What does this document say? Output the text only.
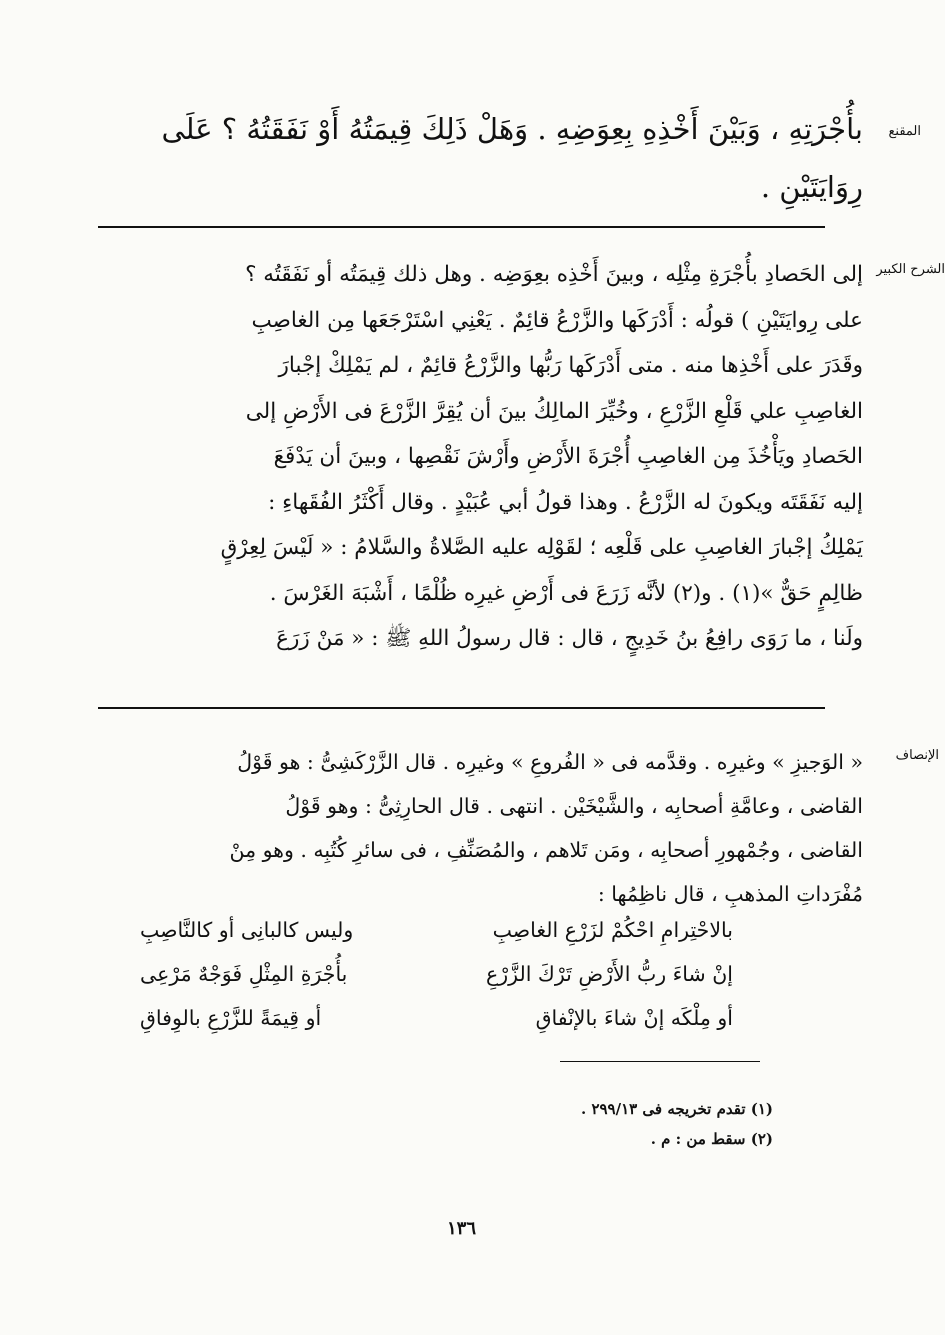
المقنع
بأُجْرَتِهِ ، وَبَيْنَ أَخْذِهِ بِعِوَضِهِ . وَهَلْ ذَلِكَ قِيمَتُهُ أَوْ نَفَقَتُهُ ؟ عَلَى
رِوَايَتَيْنِ .
الشرح الكبير
إلى الحَصادِ بأُجْرَةِ مِثْلِه ، وبينَ أَخْذِه بعِوَضِه . وهل ذلك قِيمَتُه أو نَفَقَتُه ؟
على رِوايَتَيْنِ ) قولُه : أَدْرَكَها والزَّرْعُ قائِمٌ . يَعْنِي اسْتَرْجَعَها مِن الغاصِبِ
وقَدَرَ على أَخْذِها منه . متى أَدْرَكَها رَبُّها والزَّرْعُ قائِمٌ ، لم يَمْلِكْ إجْبارَ
الغاصِبِ علي قَلْعِ الزَّرْعِ ، وخُيِّرَ المالِكُ بينَ أن يُقِرَّ الزَّرْعَ فى الأَرْضِ إلى
الحَصادِ ويَأْخُذَ مِن الغاصِبِ أُجْرَةَ الأَرْضِ وأَرْشَ نَقْصِها ، وبينَ أن يَدْفَعَ
إليه نَفَقَتَه ويكونَ له الزَّرْعُ . وهذا قولُ أبي عُبَيْدٍ . وقال أَكْثَرُ الفُقَهاءِ :
يَمْلِكُ إجْبارَ الغاصِبِ على قَلْعِه ؛ لقَوْلِه عليه الصَّلاةُ والسَّلامُ : « لَيْسَ لِعِرْقٍ
ظالِمٍ حَقٌّ »(١) . و(٢) لأنَّه زَرَعَ فى أَرْضِ غيرِه ظُلْمًا ، أَشْبَهَ الغَرْسَ .
ولَنا ، ما رَوَى رافِعُ بنُ خَدِيجٍ ، قال : قال رسولُ اللهِ ﷺ : « مَنْ زَرَعَ
الإنصاف
« الوَجيزِ » وغيرِه . وقدَّمه فى « الفُروعِ » وغيرِه . قال الزَّرْكَشِىُّ : هو قَوْلُ
القاضى ، وعامَّةِ أصحابِه ، والشَّيْخَيْن . انتهى . قال الحارِثِىُّ : وهو قَوْلُ
القاضى ، وجُمْهورِ أصحابِه ، ومَن تَلاهم ، والمُصَنِّفِ ، فى سائرِ كُتُبِه . وهو مِنْ
مُفْرَداتِ المذهبِ ، قال ناظِمُها :
بالاحْتِرامِ احْكُمْ لزَرْعِ الغاصِبِ
وليس كالبانِى أو كالنَّاصِبِ
إنْ شاءَ ربُّ الأَرْضِ تَرْكَ الزَّرْعِ
بأُجْرَةِ المِثْلِ فَوَجْهٌ مَرْعِى
أو مِلْكَه إنْ شاءَ بالإنْفاقِ
أو قِيمَةً للزَّرْعِ بالوِفاقِ
(١) تقدم تخريجه فى ٢٩٩/١٣ .
(٢) سقط من : م .
١٣٦
